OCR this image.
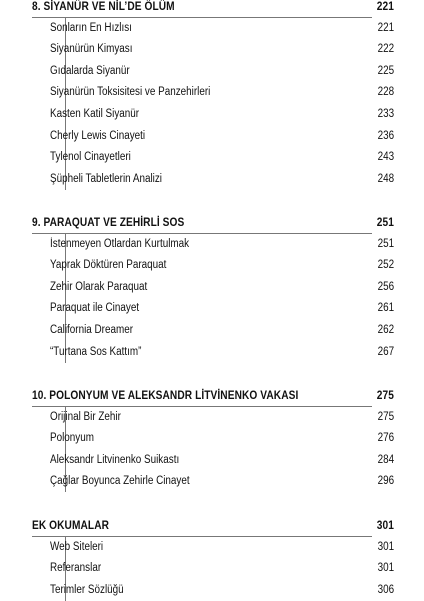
8. SİYANÜR VE NİL’DE ÖLÜM	221
Sonların En Hızlısı	221
Siyanürün Kimyası	222
Gıdalarda Siyanür	225
Siyanürün Toksisitesi ve Panzehirleri	228
Kasten Katil Siyanür	233
Cherly Lewis Cinayeti	236
Tylenol Cinayetleri	243
Şüpheli Tabletlerin Analizi	248
9. PARAQUAT VE ZEHİRLİ SOS	251
İstenmeyen Otlardan Kurtulmak	251
Yaprak Döktüren Paraquat	252
Zehir Olarak Paraquat	256
Paraquat ile Cinayet	261
California Dreamer	262
“Turtana Sos Kattım”	267
10. POLONYUM VE ALEKSANDR LİTVİNENKO VAKASI	275
Orijinal Bir Zehir	275
Polonyum	276
Aleksandr Litvinenko Suikastı	284
Çağlar Boyunca Zehirle Cinayet	296
EK OKUMALAR	301
Web Siteleri	301
Referanslar	301
Terimler Sözlüğü	306
